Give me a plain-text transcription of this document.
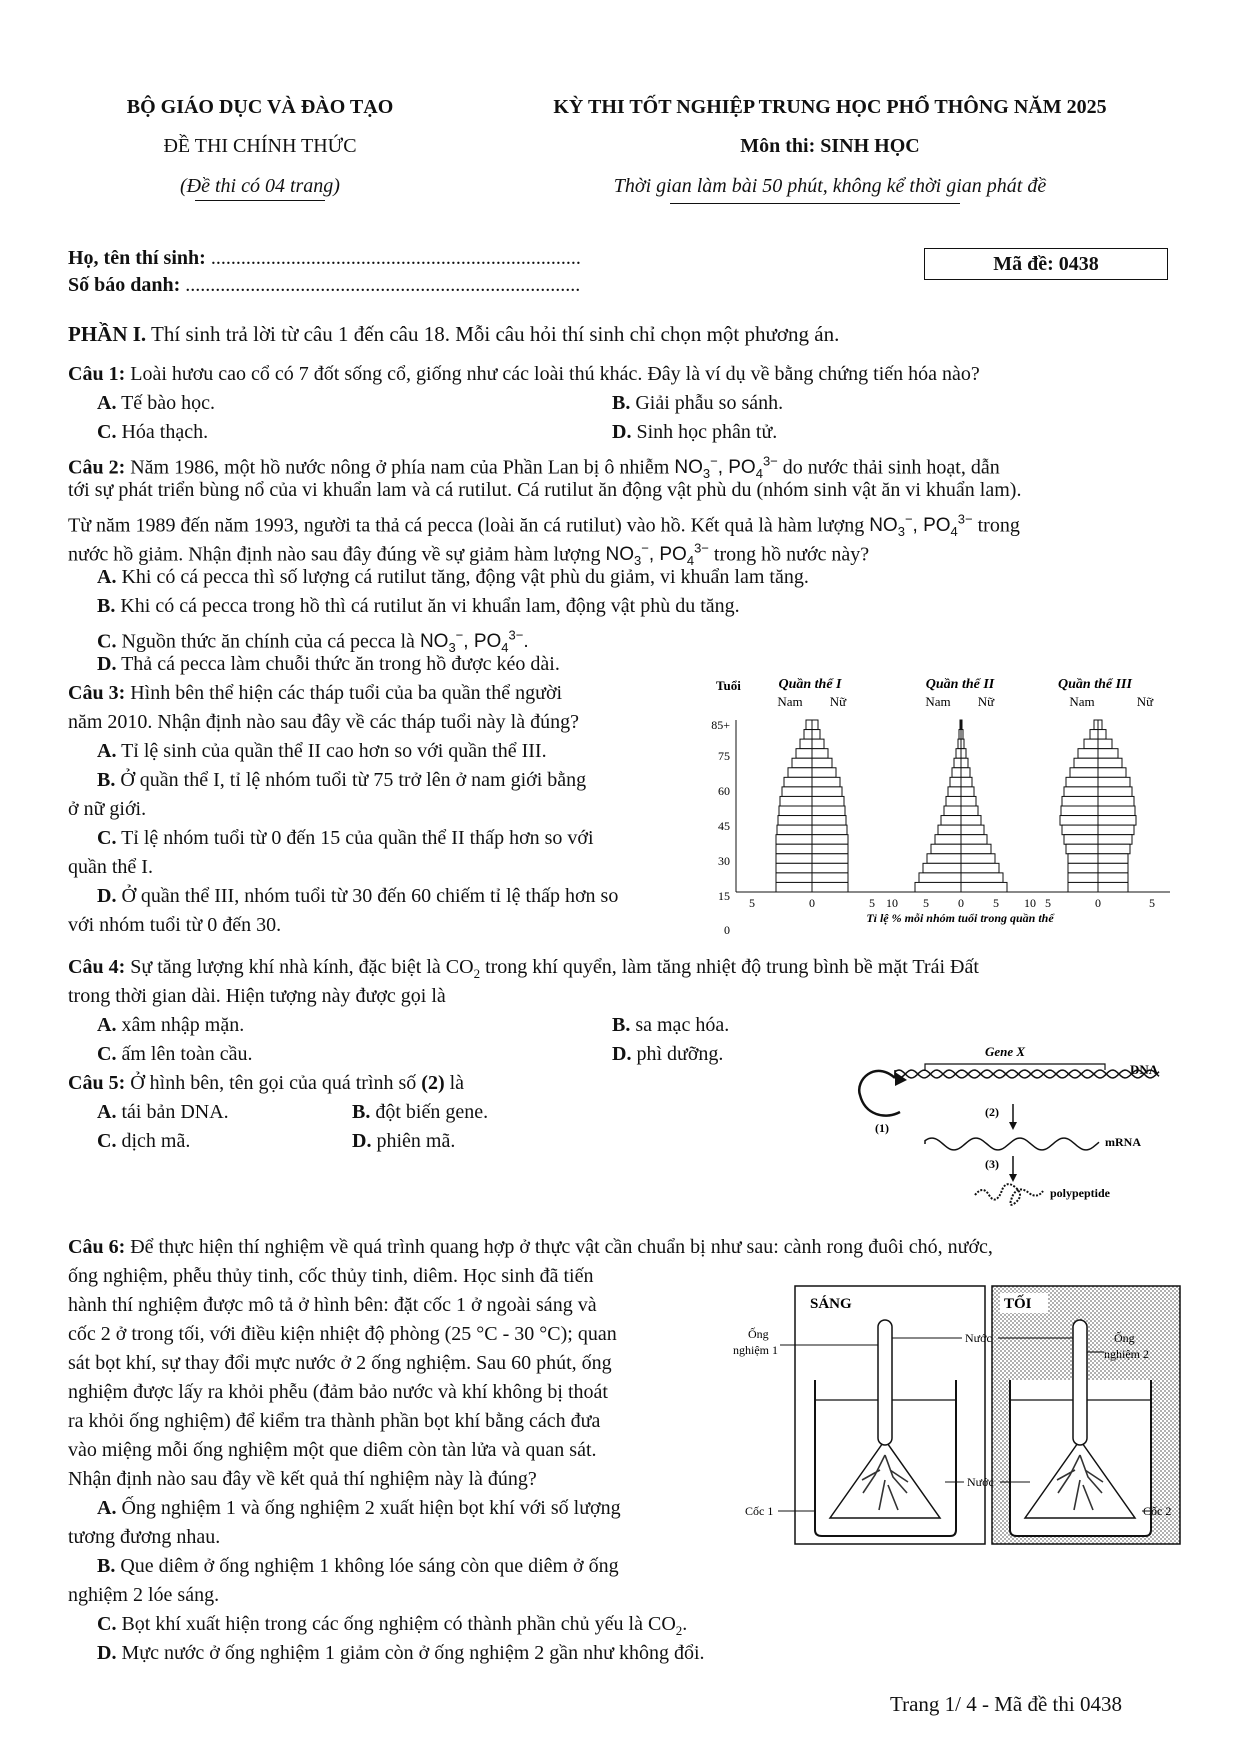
BỘ GIÁO DỤC VÀ ĐÀO TẠO
ĐỀ THI CHÍNH THỨC
(Đề thi có 04 trang)
KỲ THI TỐT NGHIỆP TRUNG HỌC PHỔ THÔNG NĂM 2025
Môn thi: SINH HỌC
Thời gian làm bài 50 phút, không kể thời gian phát đề
Họ, tên thí sinh: ..........................................................................
Số báo danh: ...............................................................................
Mã đề: 0438
PHẦN I. Thí sinh trả lời từ câu 1 đến câu 18. Mỗi câu hỏi thí sinh chỉ chọn một phương án.
Câu 1: Loài hươu cao cổ có 7 đốt sống cổ, giống như các loài thú khác. Đây là ví dụ về bằng chứng tiến hóa nào?
A. Tế bào học.	B. Giải phẫu so sánh.
C. Hóa thạch.	D. Sinh học phân tử.
Câu 2: Năm 1986, một hồ nước nông ở phía nam của Phần Lan bị ô nhiễm $NO_3^-$, $PO_4^{3-}$ do nước thải sinh hoạt, dẫn
tới sự phát triển bùng nổ của vi khuẩn lam và cá rutilut. Cá rutilut ăn động vật phù du (nhóm sinh vật ăn vi khuẩn lam).
Từ năm 1989 đến năm 1993, người ta thả cá pecca (loài ăn cá rutilut) vào hồ. Kết quả là hàm lượng $NO_3^-$, $PO_4^{3-}$ trong
nước hồ giảm. Nhận định nào sau đây đúng về sự giảm hàm lượng $NO_3^-$, $PO_4^{3-}$ trong hồ nước này?
A. Khi có cá pecca thì số lượng cá rutilut tăng, động vật phù du giảm, vi khuẩn lam tăng.
B. Khi có cá pecca trong hồ thì cá rutilut ăn vi khuẩn lam, động vật phù du tăng.
C. Nguồn thức ăn chính của cá pecca là $NO_3^-$, $PO_4^{3-}$.
D. Thả cá pecca làm chuỗi thức ăn trong hồ được kéo dài.
Câu 3: Hình bên thể hiện các tháp tuổi của ba quần thể người
năm 2010. Nhận định nào sau đây về các tháp tuổi này là đúng?
A. Tỉ lệ sinh của quần thể II cao hơn so với quần thể III.
B. Ở quần thể I, tỉ lệ nhóm tuổi từ 75 trở lên ở nam giới bằng
ở nữ giới.
C. Tỉ lệ nhóm tuổi từ 0 đến 15 của quần thể II thấp hơn so với
quần thể I.
D. Ở quần thể III, nhóm tuổi từ 30 đến 60 chiếm tỉ lệ thấp hơn so
với nhóm tuổi từ 0 đến 30.
Tuổi	Quần thể I	Quần thể II	Quần thể III
Nam Nữ	Nam Nữ	Nam	Nữ
85+
75
60
45
30
15
0
5	0	5 10 5 0 5 10 5	0	5
Tỉ lệ % mỗi nhóm tuổi trong quần thể
Câu 4: Sự tăng lượng khí nhà kính, đặc biệt là $CO_2$ trong khí quyển, làm tăng nhiệt độ trung bình bề mặt Trái Đất
trong thời gian dài. Hiện tượng này được gọi là
A. xâm nhập mặn.	B. sa mạc hóa.
C. ấm lên toàn cầu.	D. phì dưỡng.
Câu 5: Ở hình bên, tên gọi của quá trình số (2) là
A. tái bản DNA.	B. đột biến gene.
C. dịch mã.	D. phiên mã.
Gene X
DNA
(1)
(2)
mRNA
(3)
polypeptide
Câu 6: Để thực hiện thí nghiệm về quá trình quang hợp ở thực vật cần chuẩn bị như sau: cành rong đuôi chó, nước,
ống nghiệm, phễu thủy tinh, cốc thủy tinh, diêm. Học sinh đã tiến
hành thí nghiệm được mô tả ở hình bên: đặt cốc 1 ở ngoài sáng và
cốc 2 ở trong tối, với điều kiện nhiệt độ phòng (25 °C - 30 °C); quan
sát bọt khí, sự thay đổi mực nước ở 2 ống nghiệm. Sau 60 phút, ống
nghiệm được lấy ra khỏi phễu (đảm bảo nước và khí không bị thoát
ra khỏi ống nghiệm) để kiểm tra thành phần bọt khí bằng cách đưa
vào miệng mỗi ống nghiệm một que diêm còn tàn lửa và quan sát.
Nhận định nào sau đây về kết quả thí nghiệm này là đúng?
A. Ống nghiệm 1 và ống nghiệm 2 xuất hiện bọt khí với số lượng
tương đương nhau.
B. Que diêm ở ống nghiệm 1 không lóe sáng còn que diêm ở ống
nghiệm 2 lóe sáng.
C. Bọt khí xuất hiện trong các ống nghiệm có thành phần chủ yếu là $CO_2$.
D. Mực nước ở ống nghiệm 1 giảm còn ở ống nghiệm 2 gần như không đổi.
SÁNG	TỐI
Ống
nghiệm 1
Nước	Ống
nghiệm 2
Nước
Cốc 1	Cốc 2
Trang 1/ 4 - Mã đề thi 0438
